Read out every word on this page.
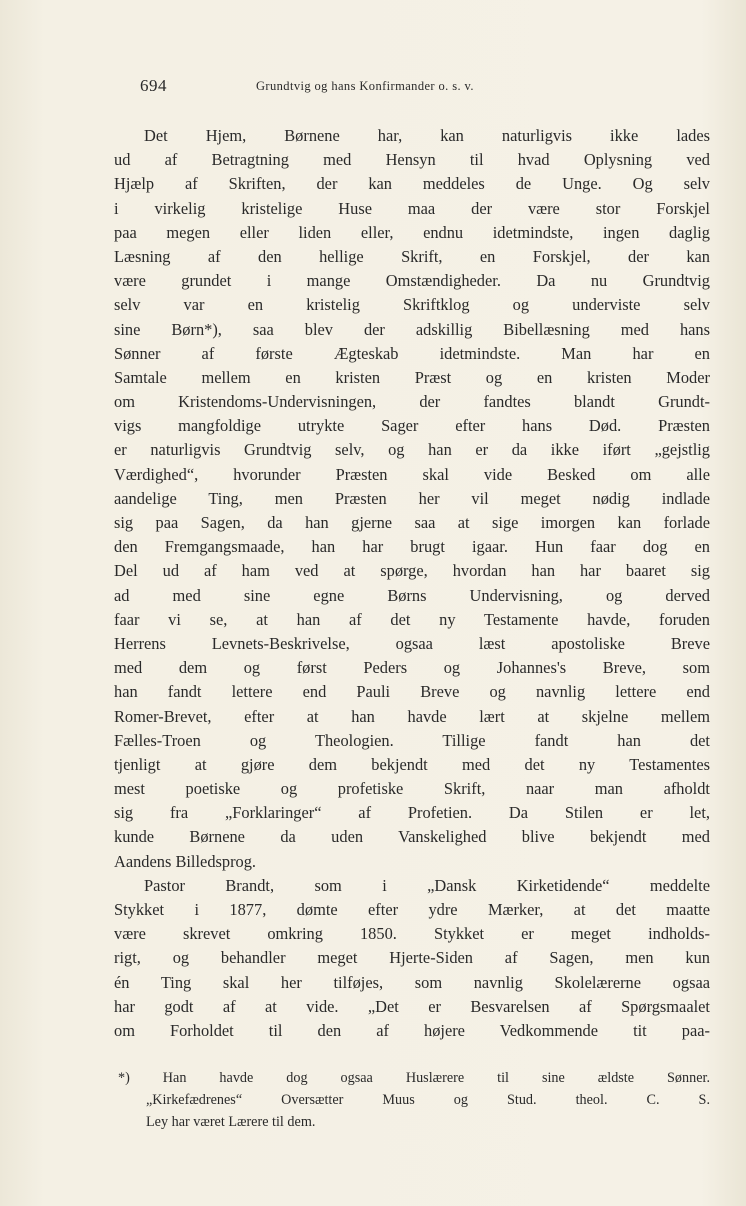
694	Grundtvig og hans Konfirmander o. s. v.
Det Hjem, Børnene har, kan naturligvis ikke lades
ud af Betragtning med Hensyn til hvad Oplysning ved
Hjælp af Skriften, der kan meddeles de Unge. Og selv
i virkelig kristelige Huse maa der være stor Forskjel
paa megen eller liden eller, endnu idetmindste, ingen daglig
Læsning af den hellige Skrift, en Forskjel, der kan
være grundet i mange Omstændigheder. Da nu Grundtvig
selv var en kristelig Skriftklog og underviste selv
sine Børn*), saa blev der adskillig Bibellæsning med hans
Sønner af første Ægteskab idetmindste. Man har en
Samtale mellem en kristen Præst og en kristen Moder
om Kristendoms-Undervisningen, der fandtes blandt Grundt-
vigs mangfoldige utrykte Sager efter hans Død. Præsten
er naturligvis Grundtvig selv, og han er da ikke iført „gejstlig
Værdighed“, hvorunder Præsten skal vide Besked om alle
aandelige Ting, men Præsten her vil meget nødig indlade
sig paa Sagen, da han gjerne saa at sige imorgen kan forlade
den Fremgangsmaade, han har brugt igaar. Hun faar dog en
Del ud af ham ved at spørge, hvordan han har baaret sig
ad med sine egne Børns Undervisning, og derved
faar vi se, at han af det ny Testamente havde, foruden
Herrens Levnets-Beskrivelse, ogsaa læst apostoliske Breve
med dem og først Peders og Johannes's Breve, som
han fandt lettere end Pauli Breve og navnlig lettere end
Romer-Brevet, efter at han havde lært at skjelne mellem
Fælles-Troen og Theologien. Tillige fandt han det
tjenligt at gjøre dem bekjendt med det ny Testamentes
mest poetiske og profetiske Skrift, naar man afholdt
sig fra „Forklaringer“ af Profetien. Da Stilen er let,
kunde Børnene da uden Vanskelighed blive bekjendt med
Aandens Billedsprog.
Pastor Brandt, som i „Dansk Kirketidende“ meddelte
Stykket i 1877, dømte efter ydre Mærker, at det maatte
være skrevet omkring 1850. Stykket er meget indholds-
rigt, og behandler meget Hjerte-Siden af Sagen, men kun
én Ting skal her tilføjes, som navnlig Skolelærerne ogsaa
har godt af at vide. „Det er Besvarelsen af Spørgsmaalet
om Forholdet til den af højere Vedkommende tit paa-
*) Han havde dog ogsaa Huslærere til sine ældste Sønner.
„Kirkefædrenes“ Oversætter Muus og Stud. theol. C. S.
Ley har været Lærere til dem.
